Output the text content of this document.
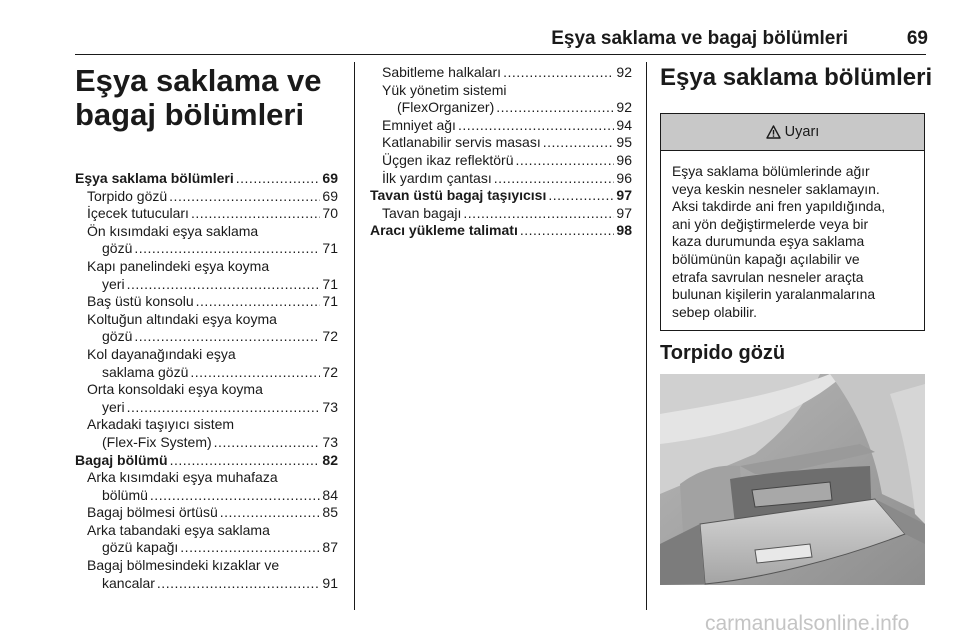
Eşya saklama ve bagaj bölümleri	69
Eşya saklama ve
bagaj bölümleri
Eşya saklama bölümleri .....	69
Torpido gözü .....	69
İçecek tutucuları .....	70
Ön kısımdaki eşya saklama
gözü .....	71
Kapı panelindeki eşya koyma
yeri .....	71
Baş üstü konsolu .....	71
Koltuğun altındaki eşya koyma
gözü .....	72
Kol dayanağındaki eşya
saklama gözü .....	72
Orta konsoldaki eşya koyma
yeri .....	73
Arkadaki taşıyıcı sistem
(Flex-Fix System) .....	73
Bagaj bölümü .....	82
Arka kısımdaki eşya muhafaza
bölümü .....	84
Bagaj bölmesi örtüsü .....	85
Arka tabandaki eşya saklama
gözü kapağı .....	87
Bagaj bölmesindeki kızaklar ve
kancalar .....	91
Sabitleme halkaları .....	92
Yük yönetim sistemi
(FlexOrganizer) .....	92
Emniyet ağı .....	94
Katlanabilir servis masası .....	95
Üçgen ikaz reflektörü .....	96
İlk yardım çantası .....	96
Tavan üstü bagaj taşıyıcısı .....	97
Tavan bagajı .....	97
Aracı yükleme talimatı .....	98
Eşya saklama bölümleri
Uyarı
Eşya saklama bölümlerinde ağır
veya keskin nesneler saklamayın.
Aksi takdirde ani fren yapıldığında,
ani yön değiştirmelerde veya bir
kaza durumunda eşya saklama
bölümünün kapağı açılabilir ve
etrafa savrulan nesneler araçta
bulunan kişilerin yaralanmalarına
sebep olabilir.
Torpido gözü
carmanualsonline.info
